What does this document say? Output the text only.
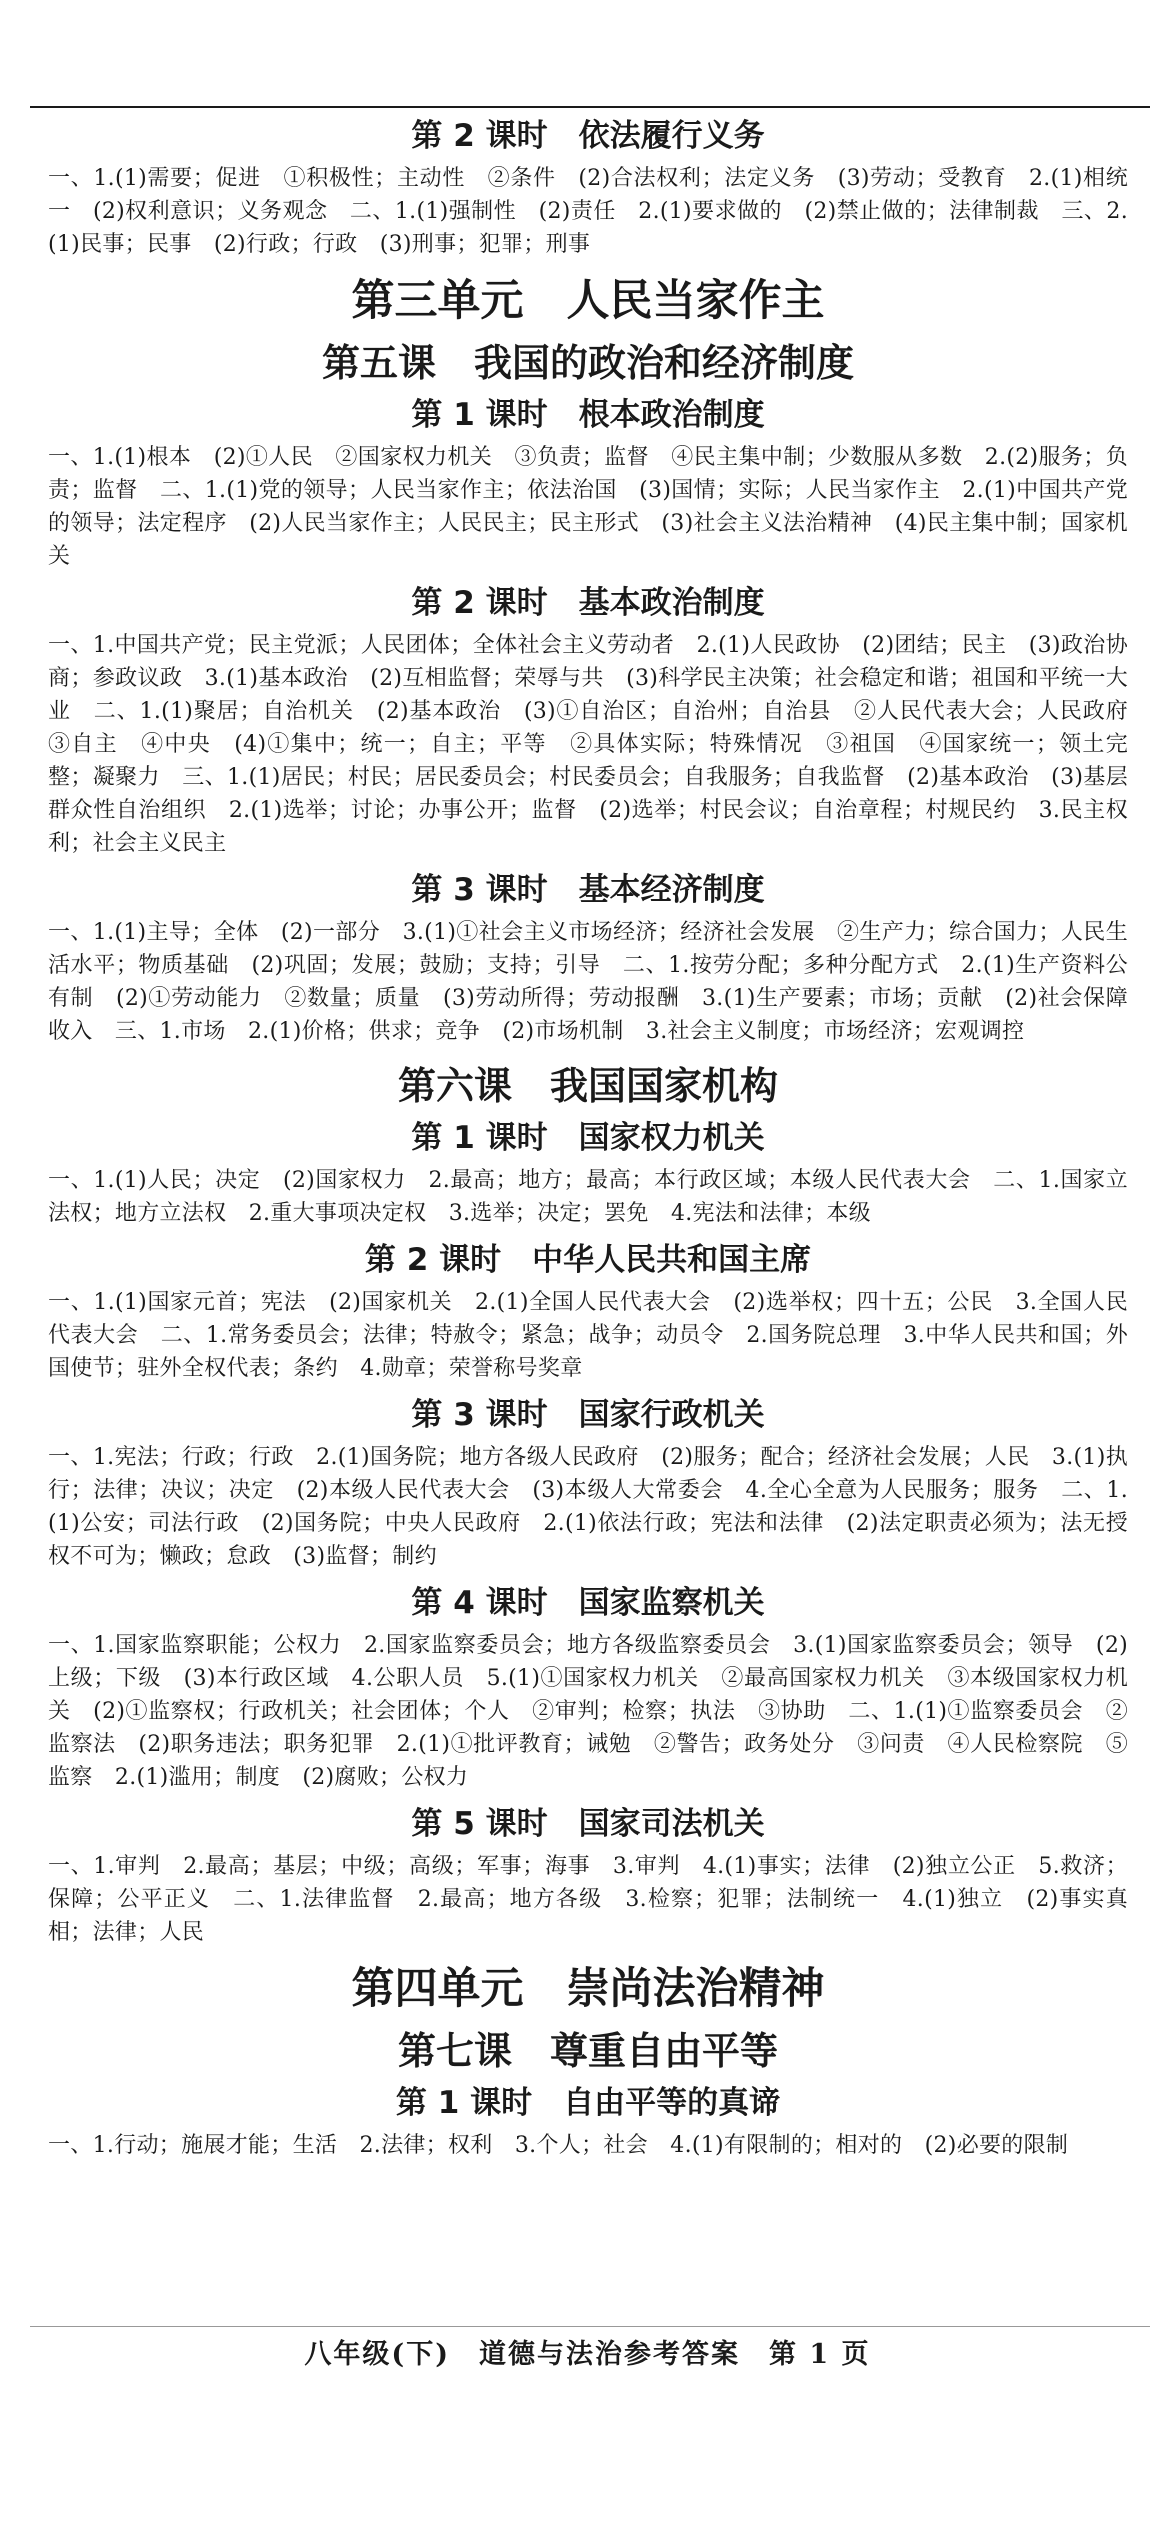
第 2 课时　依法履行义务

一、1.(1)需要；促进　①积极性；主动性　②条件　(2)合法权利；法定义务　(3)劳动；受教育　2.(1)相统一　(2)权利意识；义务观念　二、1.(1)强制性　(2)责任　2.(1)要求做的　(2)禁止做的；法律制裁　三、2.(1)民事；民事　(2)行政；行政　(3)刑事；犯罪；刑事

第三单元　人民当家作主
第五课　我国的政治和经济制度
第 1 课时　根本政治制度

一、1.(1)根本　(2)①人民　②国家权力机关　③负责；监督　④民主集中制；少数服从多数　2.(2)服务；负责；监督　二、1.(1)党的领导；人民当家作主；依法治国　(3)国情；实际；人民当家作主　2.(1)中国共产党的领导；法定程序　(2)人民当家作主；人民民主；民主形式　(3)社会主义法治精神　(4)民主集中制；国家机关

第 2 课时　基本政治制度

一、1.中国共产党；民主党派；人民团体；全体社会主义劳动者　2.(1)人民政协　(2)团结；民主　(3)政治协商；参政议政　3.(1)基本政治　(2)互相监督；荣辱与共　(3)科学民主决策；社会稳定和谐；祖国和平统一大业　二、1.(1)聚居；自治机关　(2)基本政治　(3)①自治区；自治州；自治县　②人民代表大会；人民政府　③自主　④中央　(4)①集中；统一；自主；平等　②具体实际；特殊情况　③祖国　④国家统一；领土完整；凝聚力　三、1.(1)居民；村民；居民委员会；村民委员会；自我服务；自我监督　(2)基本政治　(3)基层群众性自治组织　2.(1)选举；讨论；办事公开；监督　(2)选举；村民会议；自治章程；村规民约　3.民主权利；社会主义民主

第 3 课时　基本经济制度

一、1.(1)主导；全体　(2)一部分　3.(1)①社会主义市场经济；经济社会发展　②生产力；综合国力；人民生活水平；物质基础　(2)巩固；发展；鼓励；支持；引导　二、1.按劳分配；多种分配方式　2.(1)生产资料公有制　(2)①劳动能力　②数量；质量　(3)劳动所得；劳动报酬　3.(1)生产要素；市场；贡献　(2)社会保障收入　三、1.市场　2.(1)价格；供求；竞争　(2)市场机制　3.社会主义制度；市场经济；宏观调控

第六课　我国国家机构
第 1 课时　国家权力机关

一、1.(1)人民；决定　(2)国家权力　2.最高；地方；最高；本行政区域；本级人民代表大会　二、1.国家立法权；地方立法权　2.重大事项决定权　3.选举；决定；罢免　4.宪法和法律；本级

第 2 课时　中华人民共和国主席

一、1.(1)国家元首；宪法　(2)国家机关　2.(1)全国人民代表大会　(2)选举权；四十五；公民　3.全国人民代表大会　二、1.常务委员会；法律；特赦令；紧急；战争；动员令　2.国务院总理　3.中华人民共和国；外国使节；驻外全权代表；条约　4.勋章；荣誉称号奖章

第 3 课时　国家行政机关

一、1.宪法；行政；行政　2.(1)国务院；地方各级人民政府　(2)服务；配合；经济社会发展；人民　3.(1)执行；法律；决议；决定　(2)本级人民代表大会　(3)本级人大常委会　4.全心全意为人民服务；服务　二、1.(1)公安；司法行政　(2)国务院；中央人民政府　2.(1)依法行政；宪法和法律　(2)法定职责必须为；法无授权不可为；懒政；怠政　(3)监督；制约

第 4 课时　国家监察机关

一、1.国家监察职能；公权力　2.国家监察委员会；地方各级监察委员会　3.(1)国家监察委员会；领导　(2)上级；下级　(3)本行政区域　4.公职人员　5.(1)①国家权力机关　②最高国家权力机关　③本级国家权力机关　(2)①监察权；行政机关；社会团体；个人　②审判；检察；执法　③协助　二、1.(1)①监察委员会　②监察法　(2)职务违法；职务犯罪　2.(1)①批评教育；诫勉　②警告；政务处分　③问责　④人民检察院　⑤监察　2.(1)滥用；制度　(2)腐败；公权力

第 5 课时　国家司法机关

一、1.审判　2.最高；基层；中级；高级；军事；海事　3.审判　4.(1)事实；法律　(2)独立公正　5.救济；保障；公平正义　二、1.法律监督　2.最高；地方各级　3.检察；犯罪；法制统一　4.(1)独立　(2)事实真相；法律；人民

第四单元　崇尚法治精神
第七课　尊重自由平等
第 1 课时　自由平等的真谛

一、1.行动；施展才能；生活　2.法律；权利　3.个人；社会　4.(1)有限制的；相对的　(2)必要的限制

八年级(下)　道德与法治参考答案　第 1 页
